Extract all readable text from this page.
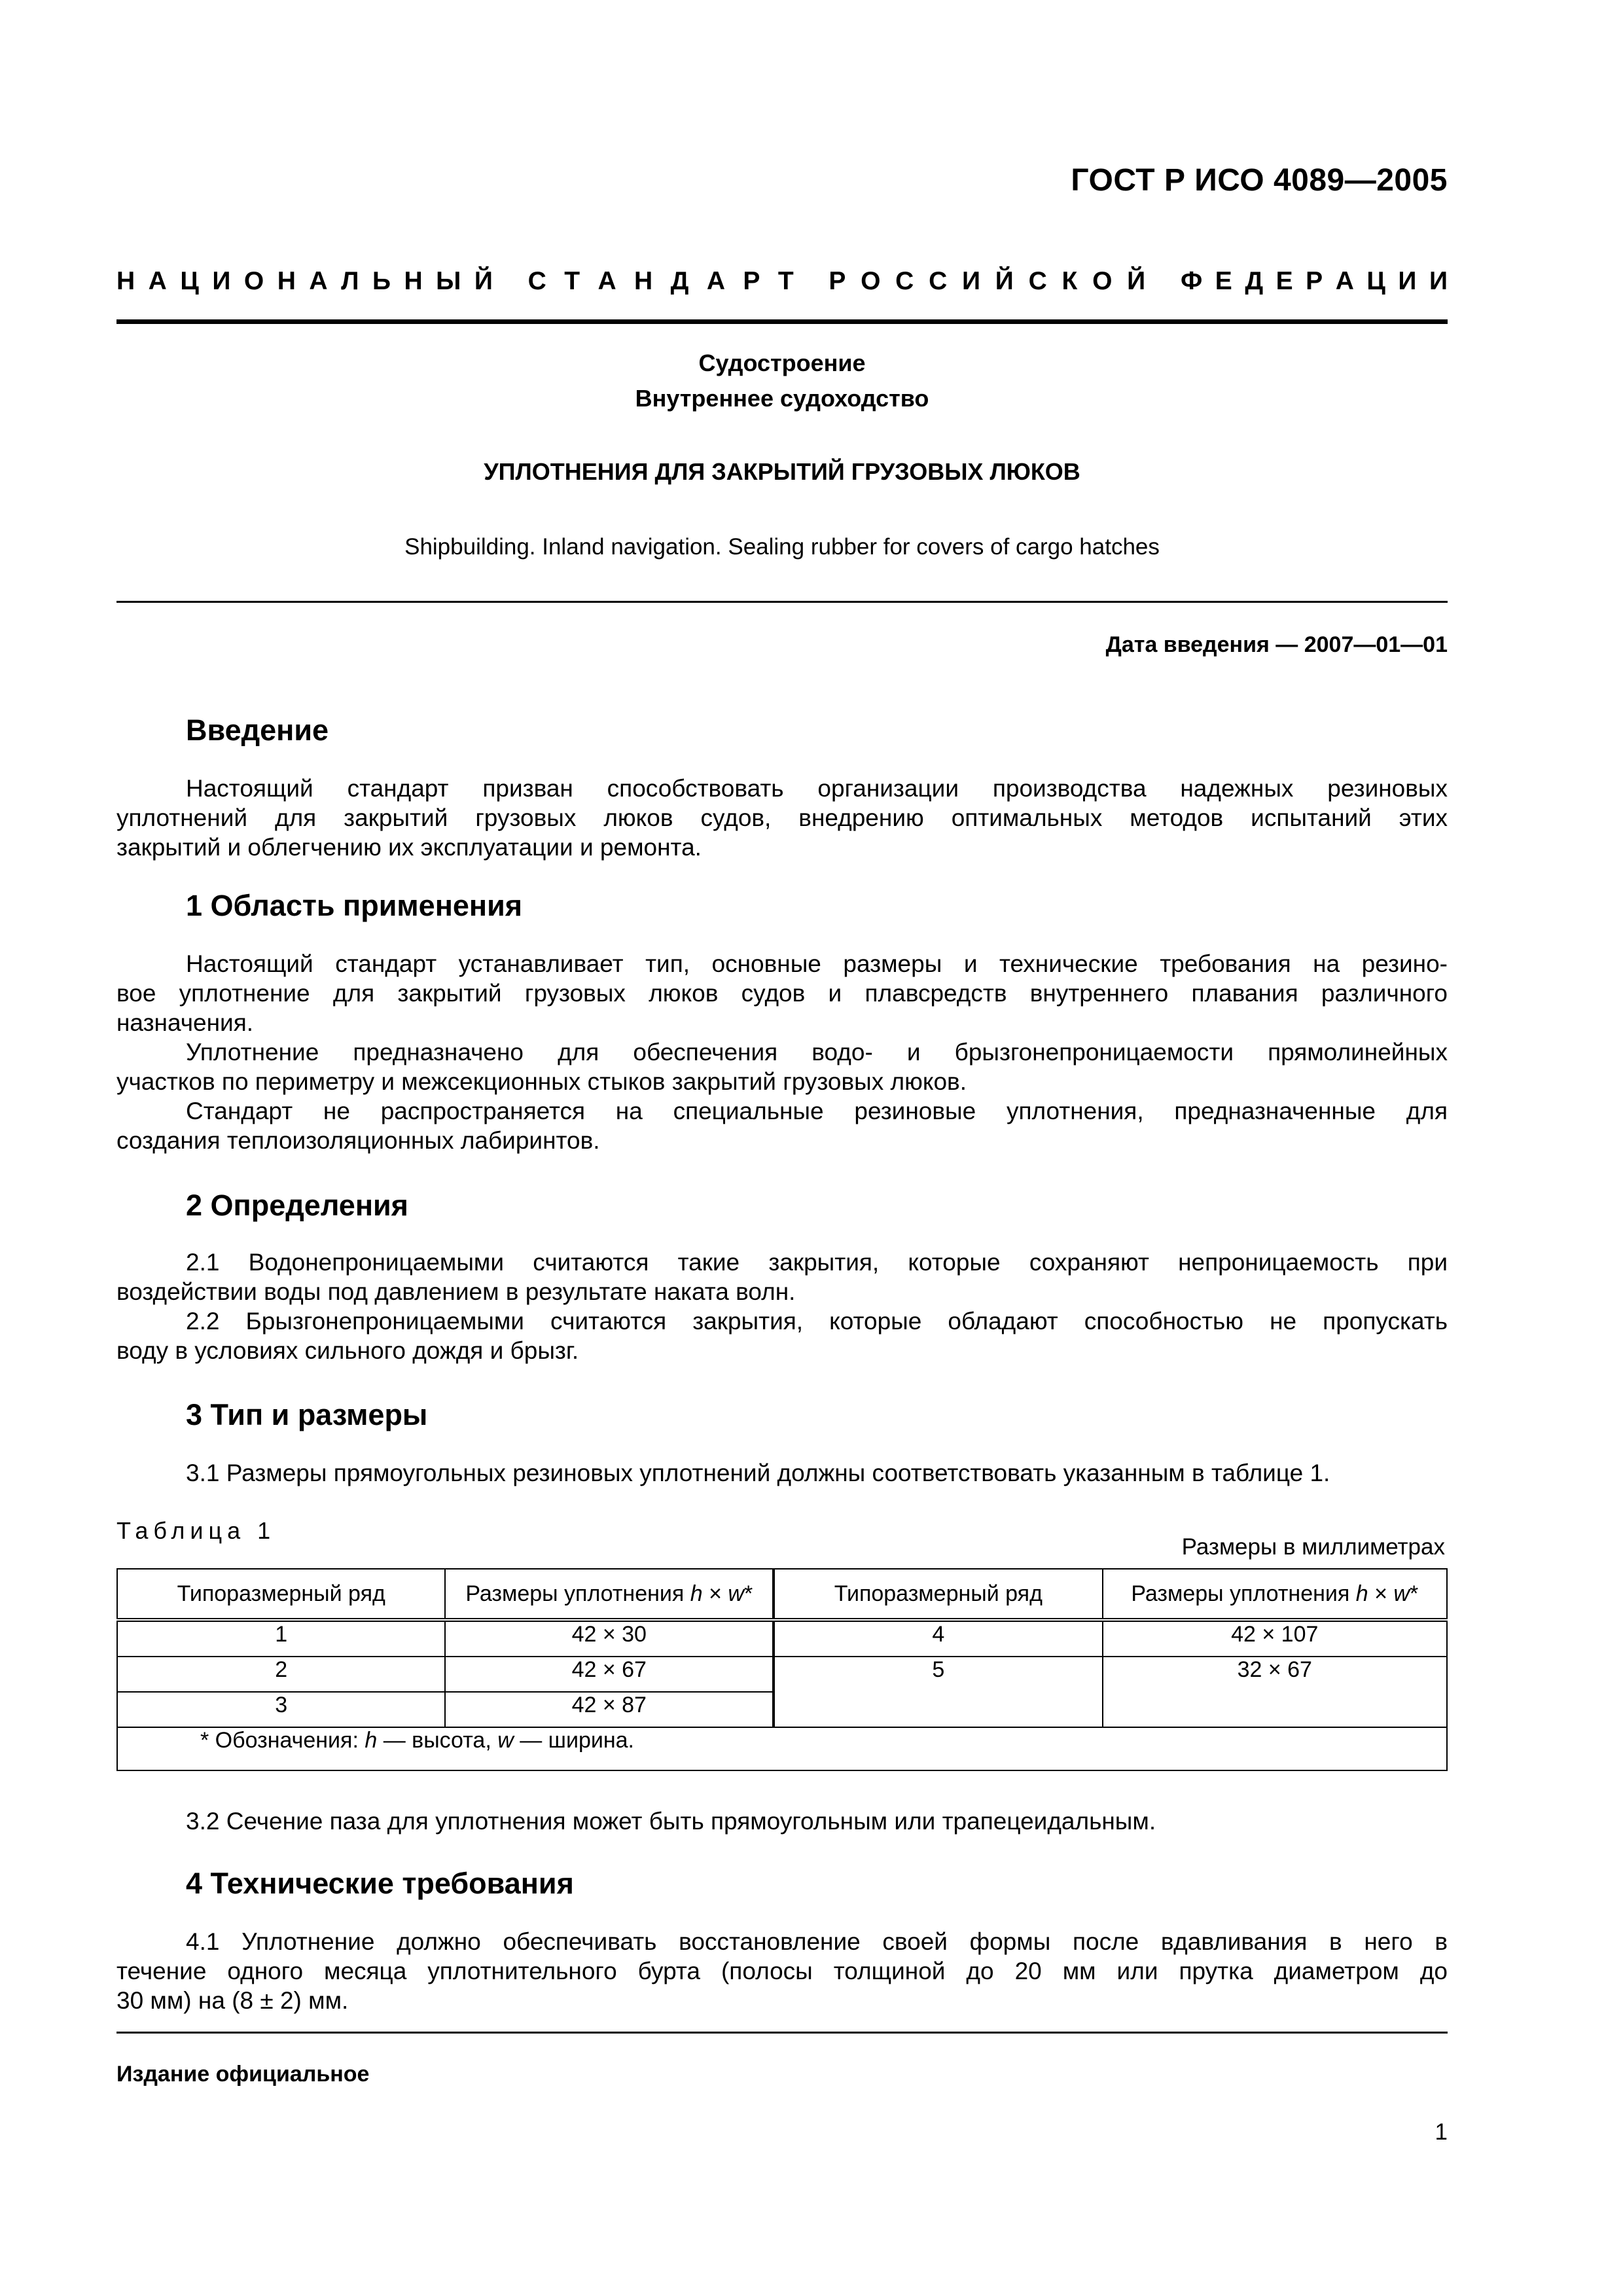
ГОСТ Р ИСО 4089—2005
Н А Ц И О Н А Л Ь Н Ы Й С Т А Н Д А Р Т Р О С С И Й С К О Й Ф Е Д Е Р А Ц И И
Судостроение
Внутреннее судоходство
УПЛОТНЕНИЯ ДЛЯ ЗАКРЫТИЙ ГРУЗОВЫХ ЛЮКОВ
Shipbuilding. Inland navigation. Sealing rubber for covers of cargo hatches
Дата введения — 2007—01—01
Введение
Настоящий стандарт призван способствовать организации производства надежных резиновых
уплотнений для закрытий грузовых люков судов, внедрению оптимальных методов испытаний этих
закрытий и облегчению их эксплуатации и ремонта.
1 Область применения
Настоящий стандарт устанавливает тип, основные размеры и технические требования на резино-
вое уплотнение для закрытий грузовых люков судов и плавсредств внутреннего плавания различного
назначения.
Уплотнение предназначено для обеспечения водо- и брызгонепроницаемости прямолинейных
участков по периметру и межсекционных стыков закрытий грузовых люков.
Стандарт не распространяется на специальные резиновые уплотнения, предназначенные для
создания теплоизоляционных лабиринтов.
2 Определения
2.1 Водонепроницаемыми считаются такие закрытия, которые сохраняют непроницаемость при
воздействии воды под давлением в результате наката волн.
2.2 Брызгонепроницаемыми считаются закрытия, которые обладают способностью не пропускать
воду в условиях сильного дождя и брызг.
3 Тип и размеры
3.1 Размеры прямоугольных резиновых уплотнений должны соответствовать указанным в таблице 1.
Таблица 1
Размеры в миллиметрах
Типоразмерный ряд	Размеры уплотнения h × w*	Типоразмерный ряд	Размеры уплотнения h × w*
1	42 × 30	4	42 × 107
2	42 × 67	5	32 × 67
3	42 × 87		
* Обозначения: h — высота, w — ширина.			
3.2 Сечение паза для уплотнения может быть прямоугольным или трапецеидальным.
4 Технические требования
4.1 Уплотнение должно обеспечивать восстановление своей формы после вдавливания в него в
течение одного месяца уплотнительного бурта (полосы толщиной до 20 мм или прутка диаметром до
30 мм) на (8 ± 2) мм.
Издание официальное
1
